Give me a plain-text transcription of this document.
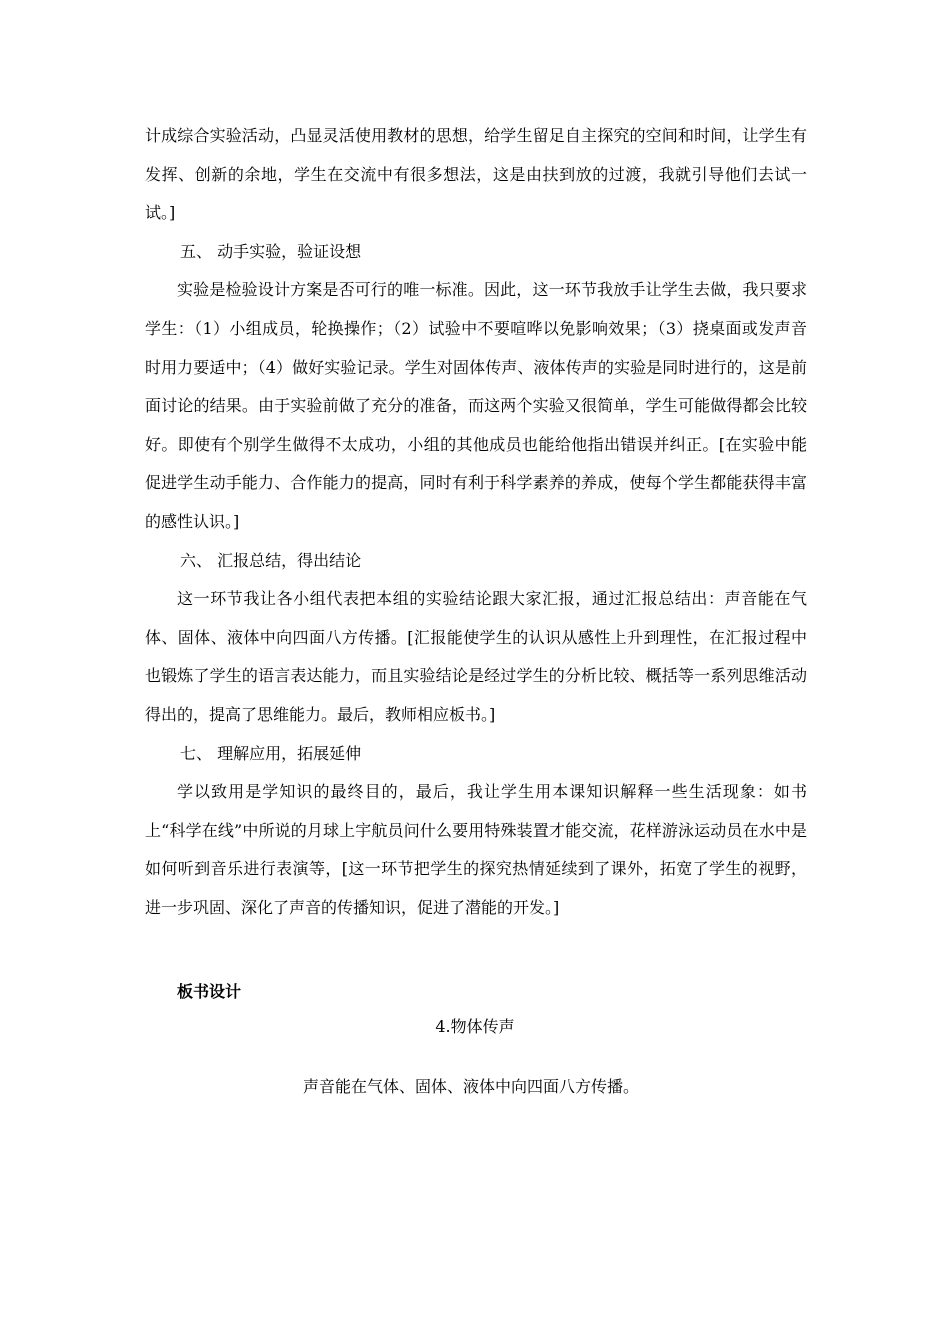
计成综合实验活动，凸显灵活使用教材的思想，给学生留足自主探究的空间和时间，让学生有发挥、创新的余地，学生在交流中有很多想法，这是由扶到放的过渡，我就引导他们去试一试。]

五、 动手实验，验证设想

实验是检验设计方案是否可行的唯一标准。因此，这一环节我放手让学生去做，我只要求学生：（1）小组成员，轮换操作；（2）试验中不要喧哗以免影响效果；（3）挠桌面或发声音时用力要适中；（4）做好实验记录。学生对固体传声、液体传声的实验是同时进行的，这是前面讨论的结果。由于实验前做了充分的准备，而这两个实验又很简单，学生可能做得都会比较好。即使有个别学生做得不太成功，小组的其他成员也能给他指出错误并纠正。[在实验中能促进学生动手能力、合作能力的提高，同时有利于科学素养的养成，使每个学生都能获得丰富的感性认识。]

六、 汇报总结，得出结论

这一环节我让各小组代表把本组的实验结论跟大家汇报，通过汇报总结出：声音能在气体、固体、液体中向四面八方传播。[汇报能使学生的认识从感性上升到理性，在汇报过程中也锻炼了学生的语言表达能力，而且实验结论是经过学生的分析比较、概括等一系列思维活动得出的，提高了思维能力。最后，教师相应板书。]

七、 理解应用，拓展延伸

学以致用是学知识的最终目的，最后，我让学生用本课知识解释一些生活现象：如书上“科学在线”中所说的月球上宇航员问什么要用特殊装置才能交流，花样游泳运动员在水中是如何听到音乐进行表演等，[这一环节把学生的探究热情延续到了课外，拓宽了学生的视野，进一步巩固、深化了声音的传播知识，促进了潜能的开发。]

板书设计
4.物体传声
声音能在气体、固体、液体中向四面八方传播。
